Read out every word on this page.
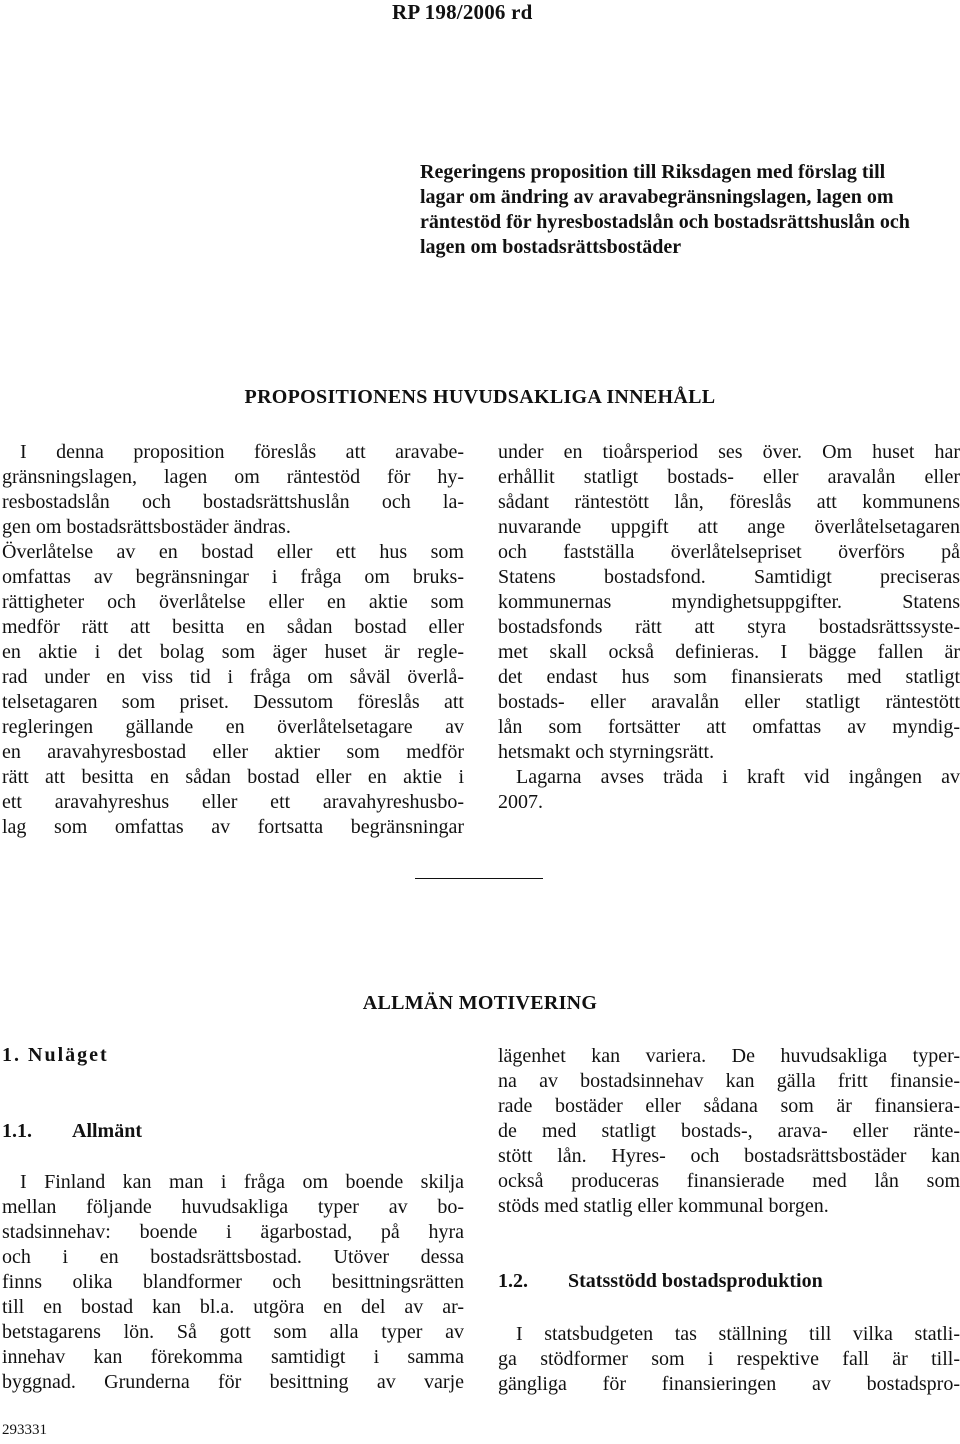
RP 198/2006 rd
Regeringens proposition till Riksdagen med förslag till
lagar om ändring av aravabegränsningslagen, lagen om
räntestöd för hyresbostadslån och bostadsrättshuslån och
lagen om bostadsrättsbostäder
PROPOSITIONENS HUVUDSAKLIGA INNEHÅLL

I denna proposition föreslås att aravabe-

gränsningslagen, lagen om räntestöd för hy-

resbostadslån och bostadsrättshuslån och la-

gen om bostadsrättsbostäder ändras.

Överlåtelse av en bostad eller ett hus som

omfattas av begränsningar i fråga om bruks-

rättigheter och överlåtelse eller en aktie som

medför rätt att besitta en sådan bostad eller

en aktie i det bolag som äger huset är regle-

rad under en viss tid i fråga om såväl överlå-

telsetagaren som priset. Dessutom föreslås att

regleringen gällande en överlåtelsetagare av

en aravahyresbostad eller aktier som medför

rätt att besitta en sådan bostad eller en aktie i

ett aravahyreshus eller ett aravahyreshusbo-

lag som omfattas av fortsatta begränsningar

under en tioårsperiod ses över. Om huset har

erhållit statligt bostads- eller aravalån eller

sådant räntestött lån, föreslås att kommunens

nuvarande uppgift att ange överlåtelsetagaren

och fastställa överlåtelsepriset överförs på

Statens bostadsfond. Samtidigt preciseras

kommunernas myndighetsuppgifter. Statens

bostadsfonds rätt att styra bostadsrättssyste-

met skall också definieras. I bägge fallen är

det endast hus som finansierats med statligt

bostads- eller aravalån eller statligt räntestött

lån som fortsätter att omfattas av myndig-

hetsmakt och styrningsrätt.

Lagarna avses träda i kraft vid ingången av

2007.

ALLMÄN MOTIVERING
1. Nuläget
1.1. Allmänt

I Finland kan man i fråga om boende skilja

mellan följande huvudsakliga typer av bo-

stadsinnehav: boende i ägarbostad, på hyra

och i en bostadsrättsbostad. Utöver dessa

finns olika blandformer och besittningsrätten

till en bostad kan bl.a. utgöra en del av ar-

betstagarens lön. Så gott som alla typer av

innehav kan förekomma samtidigt i samma

byggnad. Grunderna för besittning av varje

lägenhet kan variera. De huvudsakliga typer-

na av bostadsinnehav kan gälla fritt finansie-

rade bostäder eller sådana som är finansiera-

de med statligt bostads-, arava- eller ränte-

stött lån. Hyres- och bostadsrättsbostäder kan

också produceras finansierade med lån som

stöds med statlig eller kommunal borgen.

1.2. Statsstödd bostadsproduktion

I statsbudgeten tas ställning till vilka statli-

ga stödformer som i respektive fall är till-

gängliga för finansieringen av bostadspro-

293331
